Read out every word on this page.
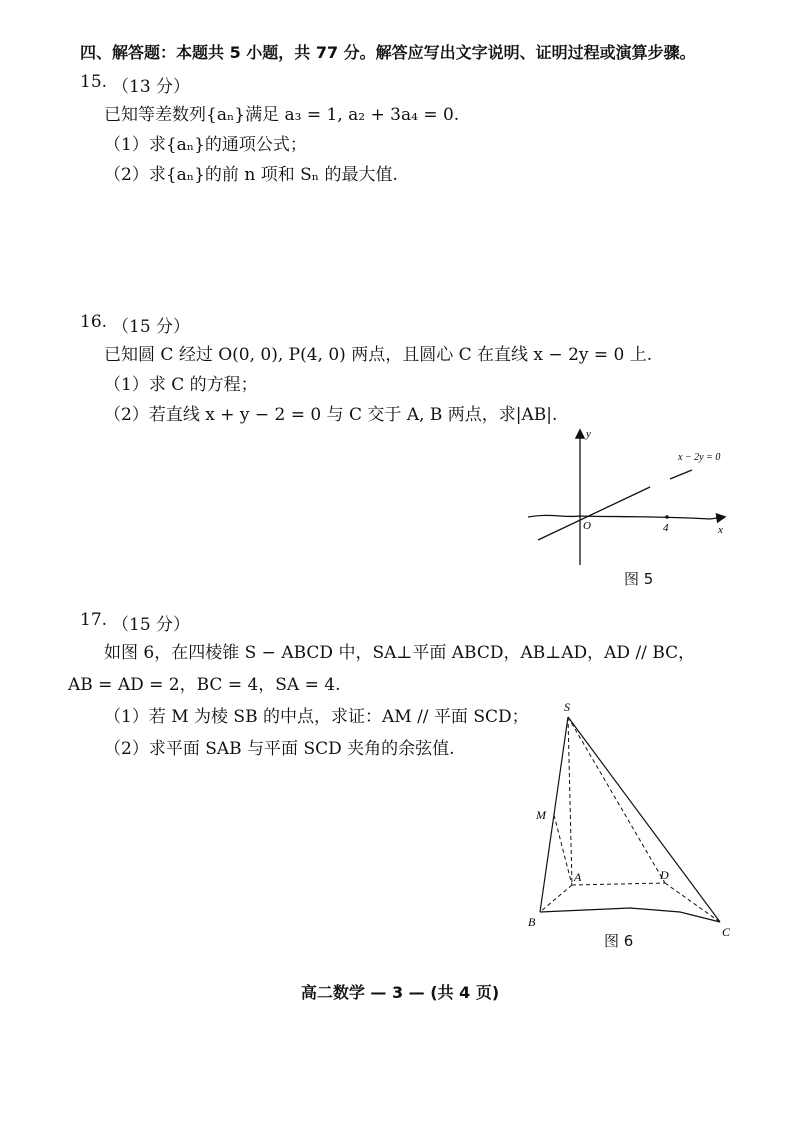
四、解答题：本题共 5 小题，共 77 分。解答应写出文字说明、证明过程或演算步骤。
15. （13 分）
已知等差数列{aₙ}满足 a₃ = 1, a₂ + 3a₄ = 0.
（1）求{aₙ}的通项公式；
（2）求{aₙ}的前 n 项和 Sₙ 的最大值.
16. （15 分）
已知圆 C 经过 O(0, 0), P(4, 0) 两点，且圆心 C 在直线 x − 2y = 0 上.
（1）求 C 的方程；
（2）若直线 x + y − 2 = 0 与 C 交于 A, B 两点，求|AB|.
y
x
O	4
x − 2y = 0
图 5
17. （15 分）
如图 6，在四棱锥 S − ABCD 中，SA⊥平面 ABCD，AB⊥AD，AD // BC，
AB = AD = 2，BC = 4，SA = 4.
（1）若 M 为棱 SB 的中点，求证：AM // 平面 SCD；
（2）求平面 SAB 与平面 SCD 夹角的余弦值.
S
M
A	D
B
C
图 6
高二数学 — 3 — (共 4 页)
